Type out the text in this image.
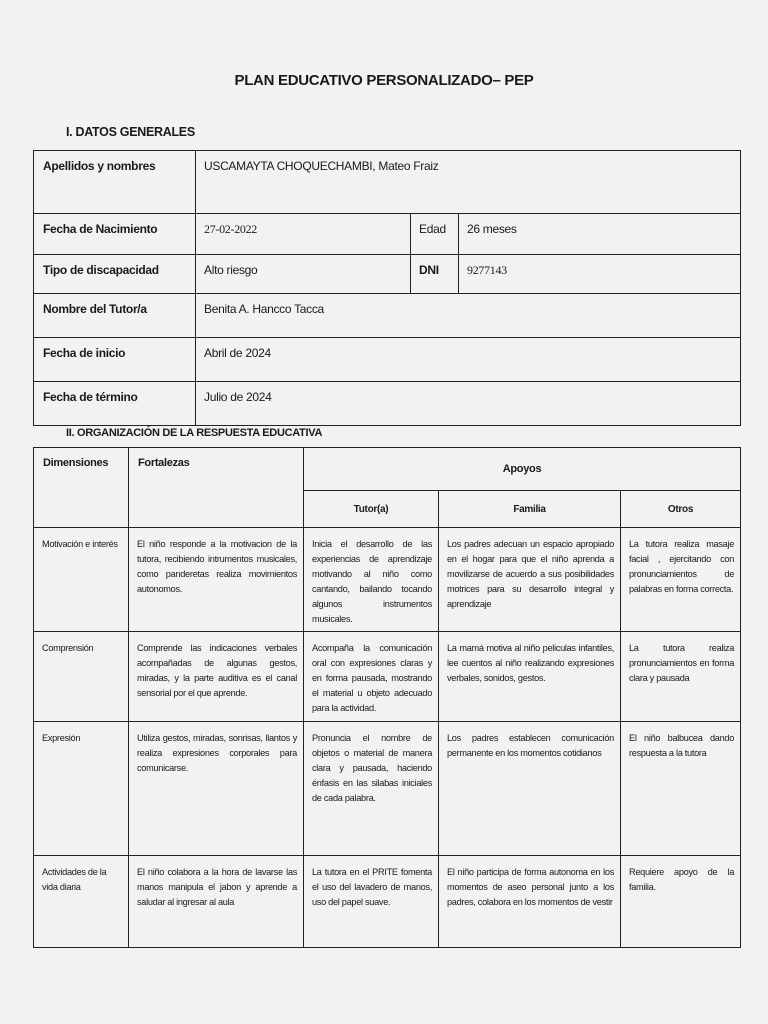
PLAN EDUCATIVO PERSONALIZADO– PEP
I. DATOS GENERALES
Apellidos y nombres	USCAMAYTA CHOQUECHAMBI, Mateo Fraiz		
Fecha de Nacimiento	27-02-2022	Edad	26 meses
Tipo de discapacidad	Alto riesgo	DNI	9277143
Nombre del Tutor/a	Benita A. Hancco Tacca		
Fecha de inicio	Abril de 2024		
Fecha de término	Julio de 2024		
II. ORGANIZACIÓN DE LA RESPUESTA EDUCATIVA
Dimensiones	Fortalezas	Apoyos		
		Tutor(a)	Familia	Otros
Motivación e interés	El niño responde a la motivacion de la tutora, recibiendo intrumentos musicales, como panderetas realiza movimientos autonomos.	Inicia el desarrollo de las experiencias de aprendizaje motivando al niño como cantando, bailando tocando algunos instrumentos musicales.	Los padres adecuan un espacio apropiado en el hogar para que el niño aprenda a movilizarse de acuerdo a sus posibilidades motrices para su desarrollo integral y aprendizaje	La tutora realiza masaje facial , ejercitando con pronunciamientos de palabras en forma correcta.
Comprensión	Comprende las indicaciones verbales acompañadas de algunas gestos, miradas, y la parte auditiva es el canal sensorial por el que aprende.	Acompaña la comunicación oral con expresiones claras y en forma pausada, mostrando el material u objeto adecuado para la actividad.	La mamá motiva al niño peliculas infantiles, lee cuentos al niño realizando expresiones verbales, sonidos, gestos.	La tutora realiza pronunciamientos en forma clara y pausada
Expresión	Utiliza gestos, miradas, sonrisas, llantos y realiza expresiones corporales para comunicarse.	Pronuncia el nombre de objetos o material de manera clara y pausada, haciendo énfasis en las silabas iniciales de cada palabra.	Los padres establecen comunicación permanente en los momentos cotidianos	El niño balbucea dando respuesta a la tutora
Actividades de la vida diaria	El niño colabora a la hora de lavarse las manos manipula el jabon y aprende a saludar al ingresar al aula	La tutora en el PRITE fomenta el uso del lavadero de manos, uso del papel suave.	El niño participa de forma autonoma en los momentos de aseo personal junto a los padres, colabora en los momentos de vestir	Requiere apoyo de la familia.
